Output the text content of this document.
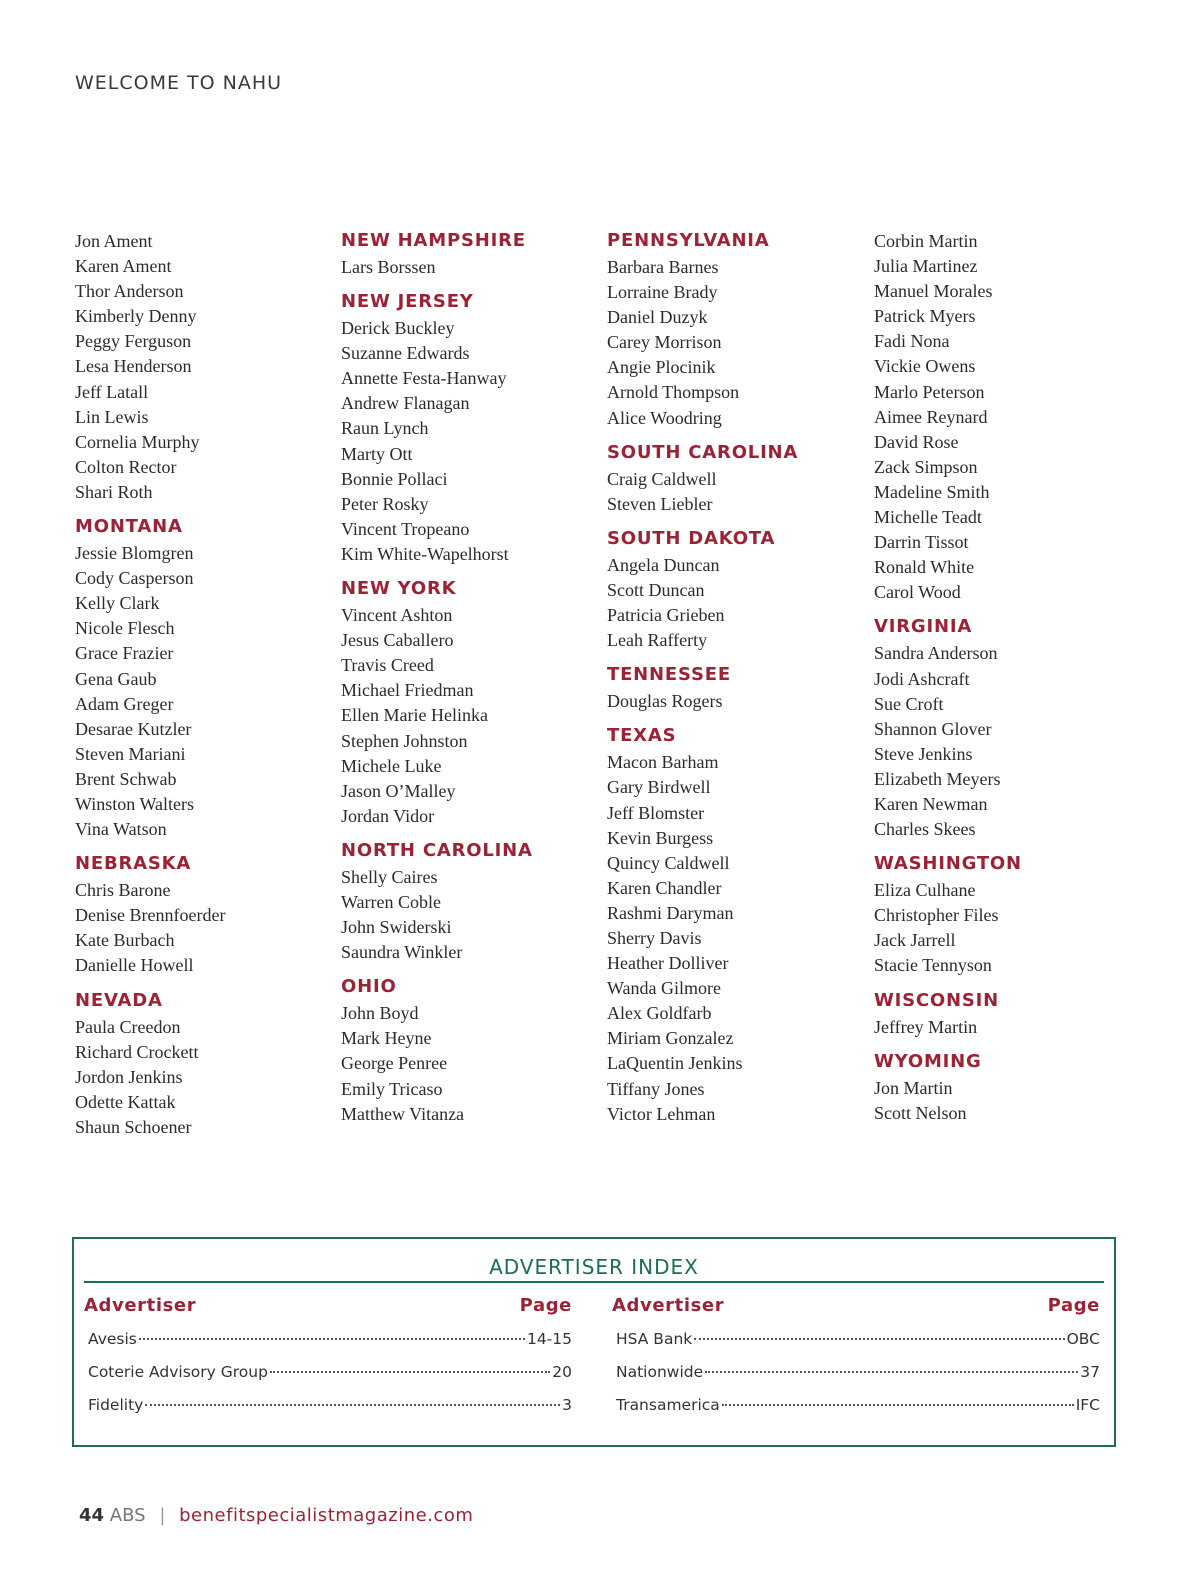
WELCOME TO NAHU
Jon Ament
Karen Ament
Thor Anderson
Kimberly Denny
Peggy Ferguson
Lesa Henderson
Jeff Latall
Lin Lewis
Cornelia Murphy
Colton Rector
Shari Roth
MONTANA
Jessie Blomgren
Cody Casperson
Kelly Clark
Nicole Flesch
Grace Frazier
Gena Gaub
Adam Greger
Desarae Kutzler
Steven Mariani
Brent Schwab
Winston Walters
Vina Watson
NEBRASKA
Chris Barone
Denise Brennfoerder
Kate Burbach
Danielle Howell
NEVADA
Paula Creedon
Richard Crockett
Jordon Jenkins
Odette Kattak
Shaun Schoener
NEW HAMPSHIRE
Lars Borssen
NEW JERSEY
Derick Buckley
Suzanne Edwards
Annette Festa-Hanway
Andrew Flanagan
Raun Lynch
Marty Ott
Bonnie Pollaci
Peter Rosky
Vincent Tropeano
Kim White-Wapelhorst
NEW YORK
Vincent Ashton
Jesus Caballero
Travis Creed
Michael Friedman
Ellen Marie Helinka
Stephen Johnston
Michele Luke
Jason O’Malley
Jordan Vidor
NORTH CAROLINA
Shelly Caires
Warren Coble
John Swiderski
Saundra Winkler
OHIO
John Boyd
Mark Heyne
George Penree
Emily Tricaso
Matthew Vitanza
PENNSYLVANIA
Barbara Barnes
Lorraine Brady
Daniel Duzyk
Carey Morrison
Angie Plocinik
Arnold Thompson
Alice Woodring
SOUTH CAROLINA
Craig Caldwell
Steven Liebler
SOUTH DAKOTA
Angela Duncan
Scott Duncan
Patricia Grieben
Leah Rafferty
TENNESSEE
Douglas Rogers
TEXAS
Macon Barham
Gary Birdwell
Jeff Blomster
Kevin Burgess
Quincy Caldwell
Karen Chandler
Rashmi Daryman
Sherry Davis
Heather Dolliver
Wanda Gilmore
Alex Goldfarb
Miriam Gonzalez
LaQuentin Jenkins
Tiffany Jones
Victor Lehman
Corbin Martin
Julia Martinez
Manuel Morales
Patrick Myers
Fadi Nona
Vickie Owens
Marlo Peterson
Aimee Reynard
David Rose
Zack Simpson
Madeline Smith
Michelle Teadt
Darrin Tissot
Ronald White
Carol Wood
VIRGINIA
Sandra Anderson
Jodi Ashcraft
Sue Croft
Shannon Glover
Steve Jenkins
Elizabeth Meyers
Karen Newman
Charles Skees
WASHINGTON
Eliza Culhane
Christopher Files
Jack Jarrell
Stacie Tennyson
WISCONSIN
Jeffrey Martin
WYOMING
Jon Martin
Scott Nelson
ADVERTISER INDEX
Advertiser	Page
Avesis	14-15
Coterie Advisory Group	20
Fidelity	3
Advertiser	Page
HSA Bank	OBC
Nationwide	37
Transamerica	IFC
44 ABS | benefitspecialistmagazine.com
